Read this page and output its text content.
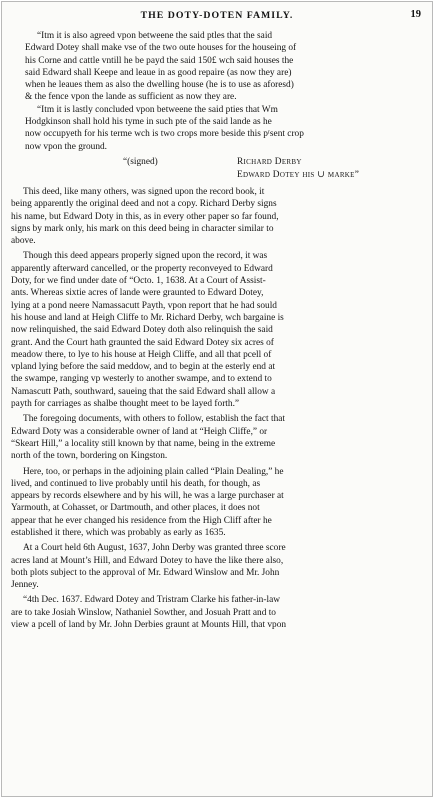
THE DOTY-DOTEN FAMILY.	19

“Itm it is also agreed vpon betweene the said ptles that the said

Edward Dotey shall make vse of the two oute houses for the houseing of

his Corne and cattle vntill he be payd the said 150£ wch said houses the

said Edward shall Keepe and leaue in as good repaire (as now they are)

when he leaues them as also the dwelling house (he is to use as aforesd)

& the fence vpon the lande as sufficient as now they are.

“Itm it is lastly concluded vpon betweene the said pties that Wm

Hodgkinson shall hold his tyme in such pte of the said lande as he

now occupyeth for his terme wch is two crops more beside this pʳsent crop

now vpon the ground.

“(signed)	Richard Derby
Edward Dotey his ∪ marke”

This deed, like many others, was signed upon the record book, it

being apparently the original deed and not a copy. Richard Derby signs

his name, but Edward Doty in this, as in every other paper so far found,

signs by mark only, his mark on this deed being in character similar to

above.

Though this deed appears properly signed upon the record, it was

apparently afterward cancelled, or the property reconveyed to Edward

Doty, for we find under date of “Octo. 1, 1638. At a Court of Assist-

ants. Whereas sixtie acres of lande were graunted to Edward Dotey,

lying at a pond neere Namassacutt Payth, vpon report that he had sould

his house and land at Heigh Cliffe to Mr. Richard Derby, wch bargaine is

now relinquished, the said Edward Dotey doth also relinquish the said

grant. And the Court hath graunted the said Edward Dotey six acres of

meadow there, to lye to his house at Heigh Cliffe, and all that pcell of

vpland lying before the said meddow, and to begin at the esterly end at

the swampe, ranging vp westerly to another swampe, and to extend to

Namascutt Path, southward, saueing that the said Edward shall allow a

payth for carriages as shalbe thought meet to be layed forth.”

The foregoing documents, with others to follow, establish the fact that

Edward Doty was a considerable owner of land at “Heigh Cliffe,” or

“Skeart Hill,” a locality still known by that name, being in the extreme

north of the town, bordering on Kingston.

Here, too, or perhaps in the adjoining plain called “Plain Dealing,” he

lived, and continued to live probably until his death, for though, as

appears by records elsewhere and by his will, he was a large purchaser at

Yarmouth, at Cohasset, or Dartmouth, and other places, it does not

appear that he ever changed his residence from the High Cliff after he

established it there, which was probably as early as 1635.

At a Court held 6th August, 1637, John Derby was granted three score

acres land at Mount’s Hill, and Edward Dotey to have the like there also,

both plots subject to the approval of Mr. Edward Winslow and Mr. John

Jenney.

“4th Dec. 1637. Edward Dotey and Tristram Clarke his father-in-law

are to take Josiah Winslow, Nathaniel Sowther, and Josuah Pratt and to

view a pcell of land by Mr. John Derbies graunt at Mounts Hill, that vpon
